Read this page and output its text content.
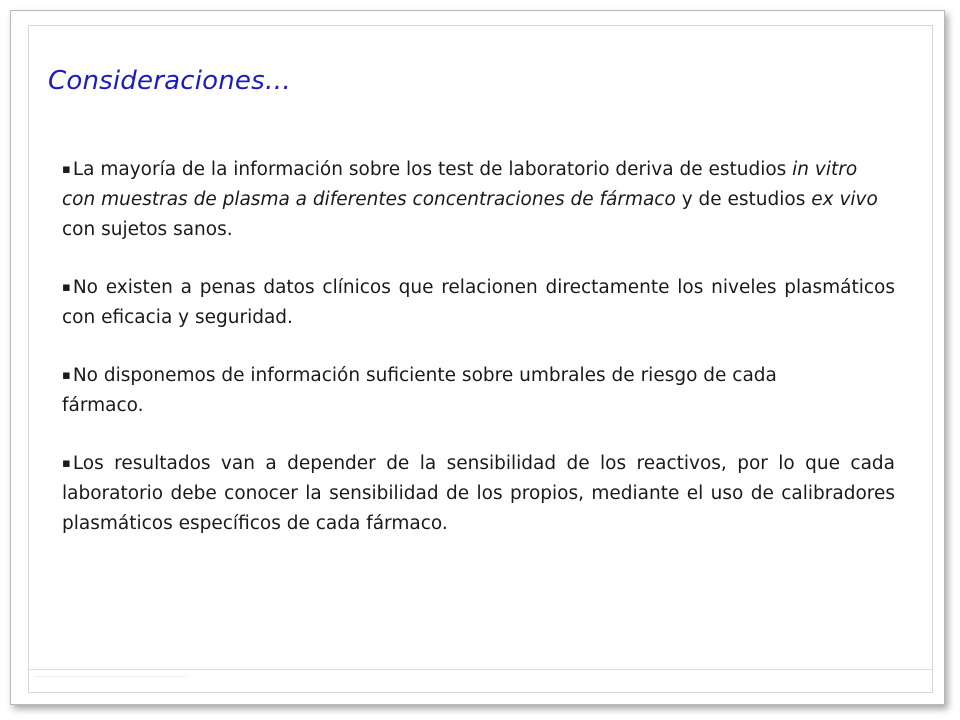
Consideraciones…

▪ La mayoría de la información sobre los test de laboratorio deriva de estudios in vitro con muestras de plasma a diferentes concentraciones de fármaco y de estudios ex vivo con sujetos sanos.

▪ No existen a penas datos clínicos que relacionen directamente los niveles plasmáticos con eficacia y seguridad.

▪ No disponemos de información suficiente sobre umbrales de riesgo de cada fármaco.

▪ Los resultados van a depender de la sensibilidad de los reactivos, por lo que cada laboratorio debe conocer la sensibilidad de los propios, mediante el uso de calibradores plasmáticos específicos de cada fármaco.
